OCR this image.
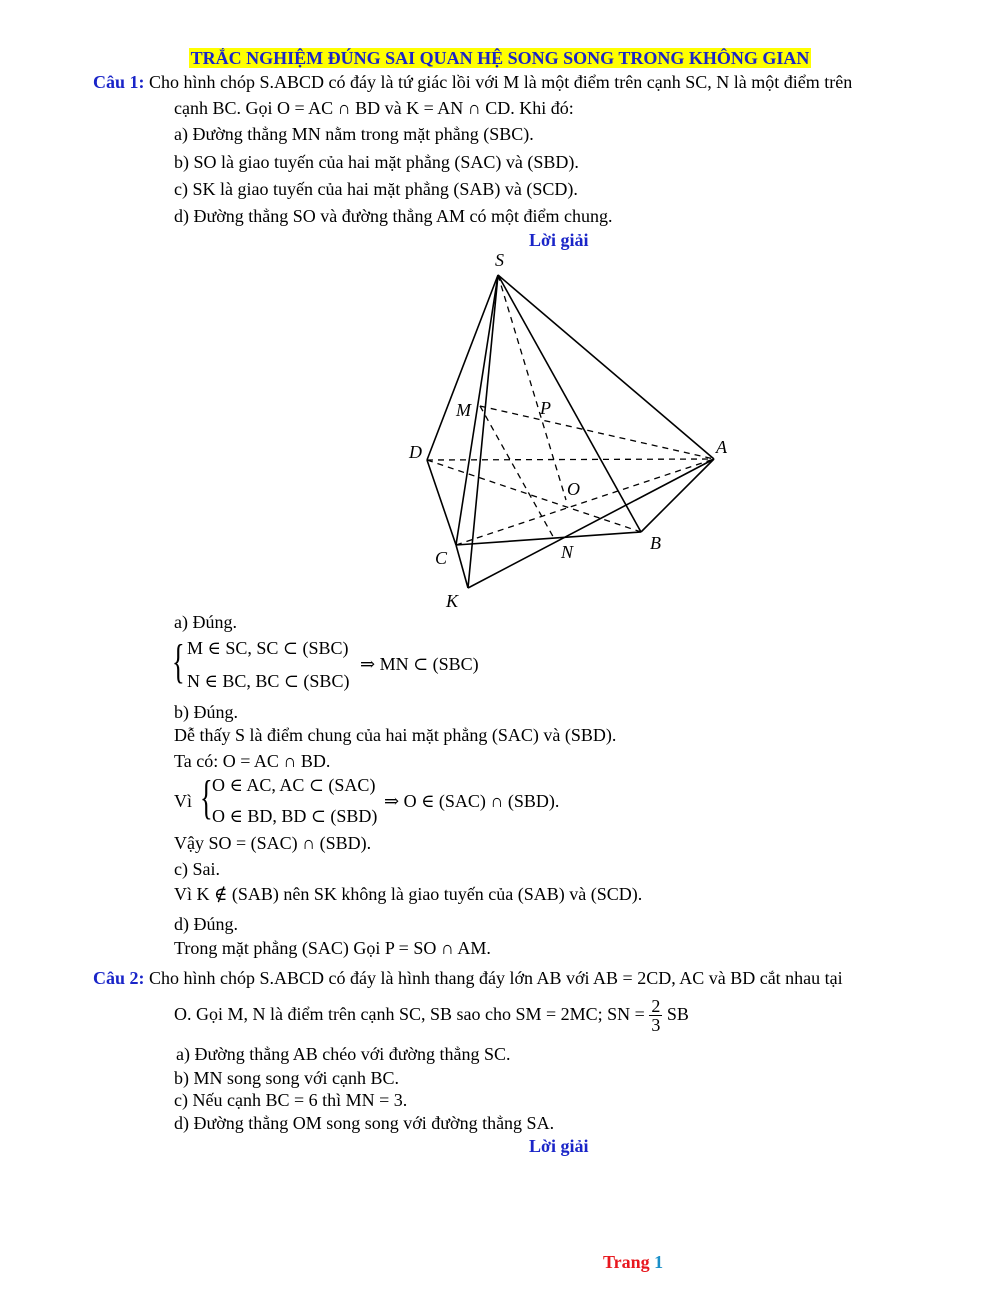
TRẮC NGHIỆM ĐÚNG SAI QUAN HỆ SONG SONG TRONG KHÔNG GIAN
Câu 1: Cho hình chóp S.ABCD có đáy là tứ giác lồi với M là một điểm trên cạnh SC, N là một điểm trên
cạnh BC. Gọi O = AC ∩ BD và K = AN ∩ CD. Khi đó:
a) Đường thẳng MN nằm trong mặt phẳng (SBC).
b) SO là giao tuyến của hai mặt phẳng (SAC) và (SBD).
c) SK là giao tuyến của hai mặt phẳng (SAB) và (SCD).
d) Đường thẳng SO và đường thẳng AM có một điểm chung.
Lời giải
S
M	P
D	A
O
C	N	B
K
a) Đúng.
{ M ∈ SC, SC ⊂ (SBC)
N ∈ BC, BC ⊂ (SBC)
⇒ MN ⊂ (SBC)
b) Đúng.
Dễ thấy S là điểm chung của hai mặt phẳng (SAC) và (SBD).
Ta có: O = AC ∩ BD.
Vì { O ∈ AC, AC ⊂ (SAC)
O ∈ BD, BD ⊂ (SBD)
⇒ O ∈ (SAC) ∩ (SBD).
Vậy SO = (SAC) ∩ (SBD).
c) Sai.
Vì K ∉ (SAB) nên SK không là giao tuyến của (SAB) và (SCD).
d) Đúng.
Trong mặt phẳng (SAC) Gọi P = SO ∩ AM.
Câu 2: Cho hình chóp S.ABCD có đáy là hình thang đáy lớn AB với AB = 2CD, AC và BD cắt nhau tại
O. Gọi M, N là điểm trên cạnh SC, SB sao cho SM = 2MC; SN = $\frac{2}{3}$ SB
a) Đường thẳng AB chéo với đường thẳng SC.
b) MN song song với cạnh BC.
c) Nếu cạnh BC = 6 thì MN = 3.
d) Đường thẳng OM song song với đường thẳng SA.
Lời giải
Trang 1
